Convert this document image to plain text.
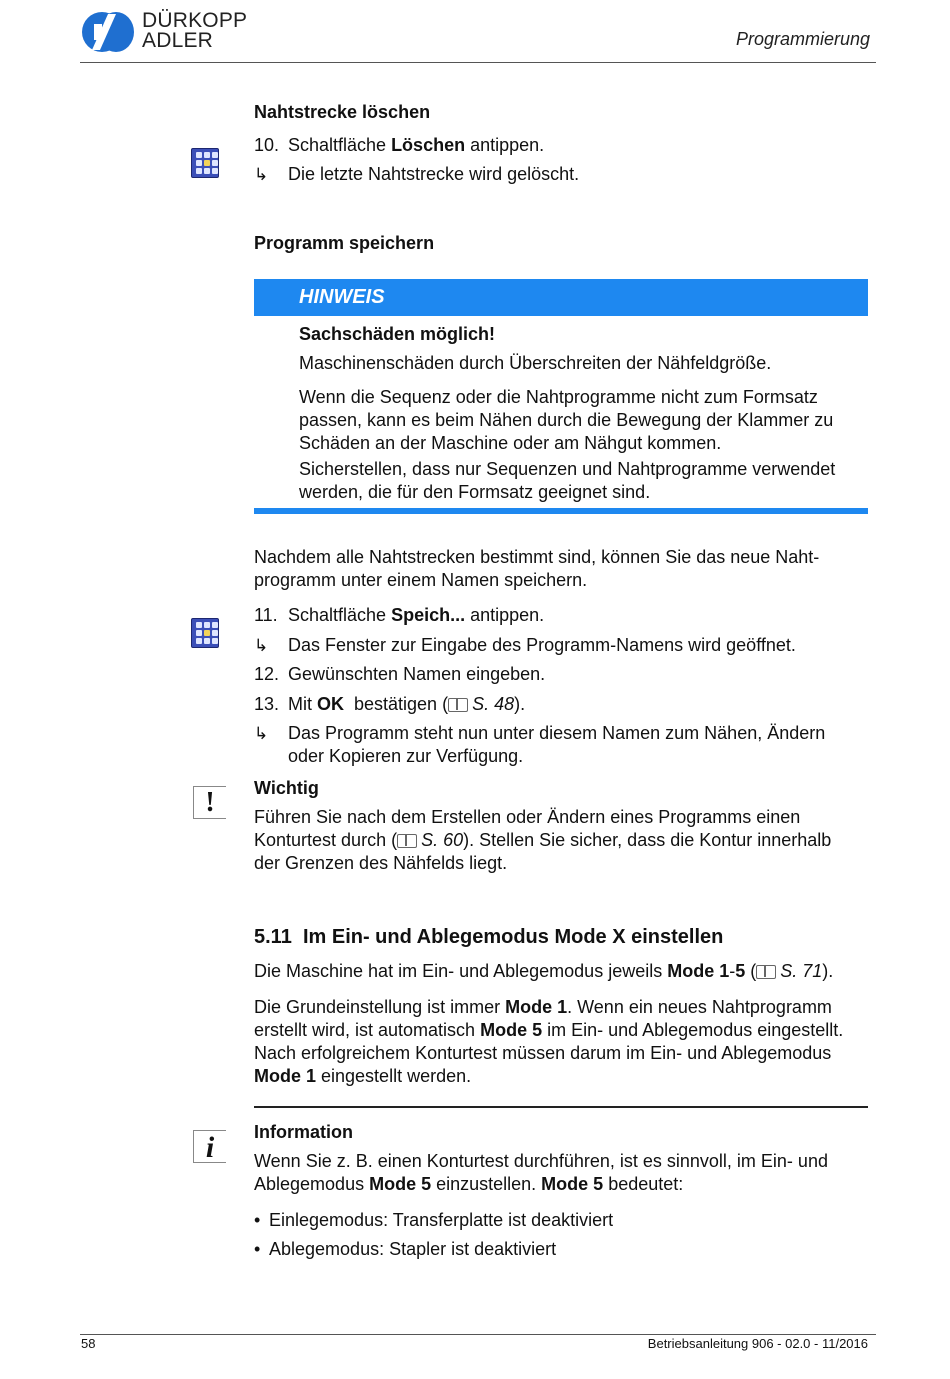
DÜRKOPP
ADLER	Programmierung
Nahtstrecke löschen
10. Schaltfläche Löschen antippen.
↳ Die letzte Nahtstrecke wird gelöscht.
Programm speichern
HINWEIS
Sachschäden möglich!
Maschinenschäden durch Überschreiten der Nähfeldgröße.
Wenn die Sequenz oder die Nahtprogramme nicht zum Formsatz
passen, kann es beim Nähen durch die Bewegung der Klammer zu
Schäden an der Maschine oder am Nähgut kommen.
Sicherstellen, dass nur Sequenzen und Nahtprogramme verwendet
werden, die für den Formsatz geeignet sind.
Nachdem alle Nahtstrecken bestimmt sind, können Sie das neue Naht-
programm unter einem Namen speichern.
11. Schaltfläche Speich... antippen.
↳ Das Fenster zur Eingabe des Programm-Namens wird geöffnet.
12. Gewünschten Namen eingeben.
13. Mit OK  bestätigen ( S. 48).
↳ Das Programm steht nun unter diesem Namen zum Nähen, Ändern
oder Kopieren zur Verfügung.
!	Wichtig
Führen Sie nach dem Erstellen oder Ändern eines Programms einen
Konturtest durch ( S. 60). Stellen Sie sicher, dass die Kontur innerhalb
der Grenzen des Nähfelds liegt.
5.11 Im Ein- und Ablegemodus Mode X einstellen
Die Maschine hat im Ein- und Ablegemodus jeweils Mode 1-5 ( S. 71).
Die Grundeinstellung ist immer Mode 1. Wenn ein neues Nahtprogramm
erstellt wird, ist automatisch Mode 5 im Ein- und Ablegemodus eingestellt.
Nach erfolgreichem Konturtest müssen darum im Ein- und Ablegemodus
Mode 1 eingestellt werden.
i	Information
Wenn Sie z. B. einen Konturtest durchführen, ist es sinnvoll, im Ein- und
Ablegemodus Mode 5 einzustellen. Mode 5 bedeutet:
• Einlegemodus: Transferplatte ist deaktiviert
• Ablegemodus: Stapler ist deaktiviert
58	Betriebsanleitung 906 - 02.0 - 11/2016
